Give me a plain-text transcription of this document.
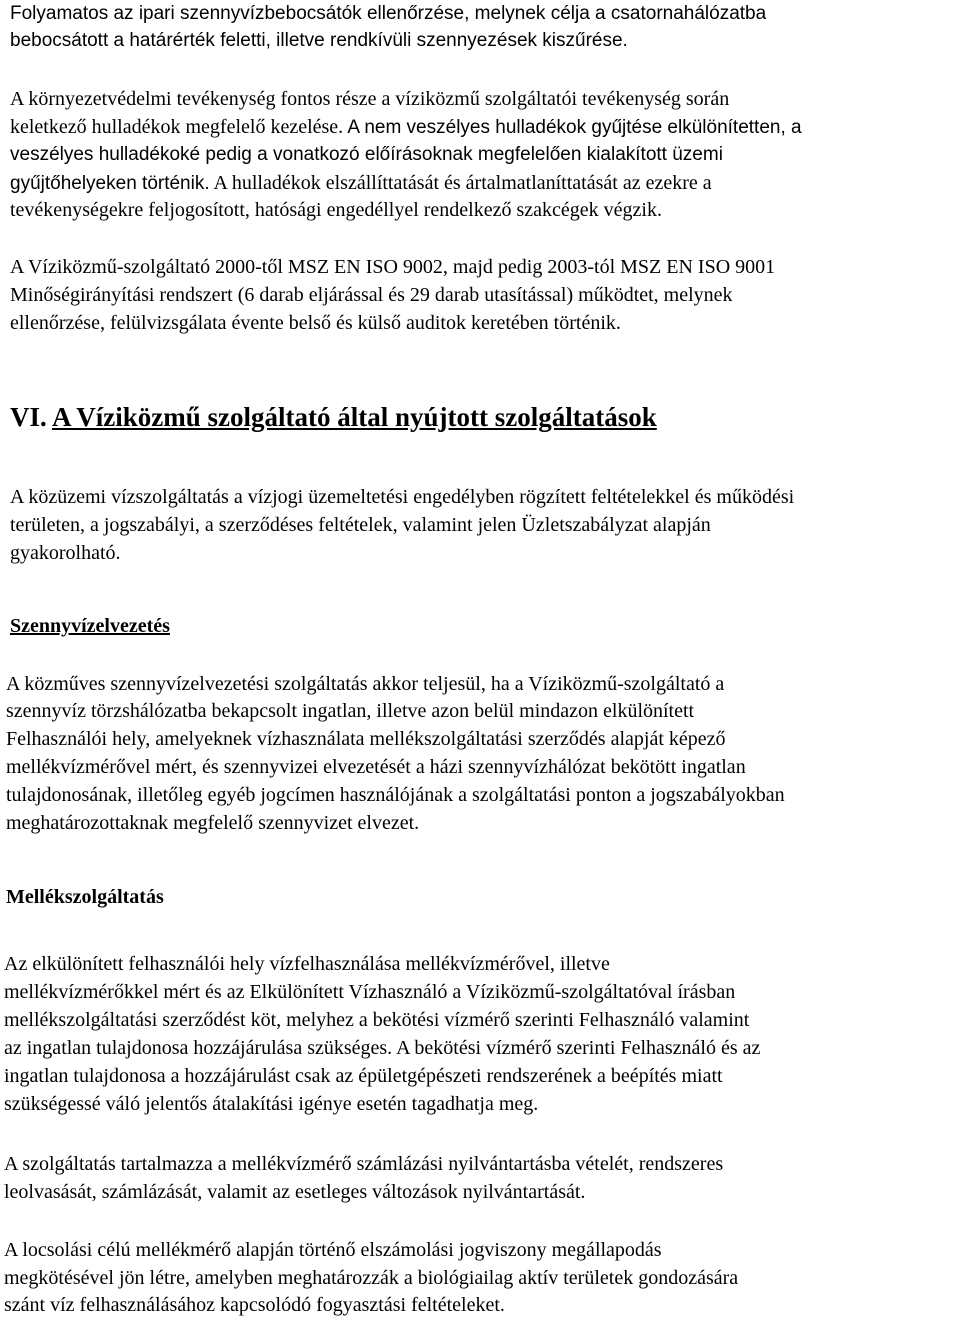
Folyamatos az ipari szennyvízbebocsátók ellenőrzése, melynek célja a csatornahálózatba
bebocsátott a határérték feletti, illetve rendkívüli szennyezések kiszűrése.
A környezetvédelmi tevékenység fontos része a víziközmű szolgáltatói tevékenység során
keletkező hulladékok megfelelő kezelése. A nem veszélyes hulladékok gyűjtése elkülönítetten, a
veszélyes hulladékoké pedig a vonatkozó előírásoknak megfelelően kialakított üzemi
gyűjtőhelyeken történik. A hulladékok elszállíttatását és ártalmatlaníttatását az ezekre a
tevékenységekre feljogosított, hatósági engedéllyel rendelkező szakcégek végzik.
A Víziközmű-szolgáltató 2000-től MSZ EN ISO 9002, majd pedig 2003-tól MSZ EN ISO 9001
Minőségirányítási rendszert (6 darab eljárással és 29 darab utasítással) működtet, melynek
ellenőrzése, felülvizsgálata évente belső és külső auditok keretében történik.
VI. A Víziközmű szolgáltató által nyújtott szolgáltatások
A közüzemi vízszolgáltatás a vízjogi üzemeltetési engedélyben rögzített feltételekkel és működési
területen, a jogszabályi, a szerződéses feltételek, valamint jelen Üzletszabályzat alapján
gyakorolható.
Szennyvízelvezetés
A közműves szennyvízelvezetési szolgáltatás akkor teljesül, ha a Víziközmű-szolgáltató a
szennyvíz törzshálózatba bekapcsolt ingatlan, illetve azon belül mindazon elkülönített
Felhasználói hely, amelyeknek vízhasználata mellékszolgáltatási szerződés alapját képező
mellékvízmérővel mért, és szennyvizei elvezetését a házi szennyvízhálózat bekötött ingatlan
tulajdonosának, illetőleg egyéb jogcímen használójának a szolgáltatási ponton a jogszabályokban
meghatározottaknak megfelelő szennyvizet elvezet.
Mellékszolgáltatás
Az elkülönített felhasználói hely vízfelhasználása mellékvízmérővel, illetve
mellékvízmérőkkel mért és az Elkülönített Vízhasználó a Víziközmű-szolgáltatóval írásban
mellékszolgáltatási szerződést köt, melyhez a bekötési vízmérő szerinti Felhasználó valamint
az ingatlan tulajdonosa hozzájárulása szükséges. A bekötési vízmérő szerinti Felhasználó és az
ingatlan tulajdonosa a hozzájárulást csak az épületgépészeti rendszerének a beépítés miatt
szükségessé váló jelentős átalakítási igénye esetén tagadhatja meg.
A szolgáltatás tartalmazza a mellékvízmérő számlázási nyilvántartásba vételét, rendszeres
leolvasását, számlázását, valamit az esetleges változások nyilvántartását.
A locsolási célú mellékmérő alapján történő elszámolási jogviszony megállapodás
megkötésével jön létre, amelyben meghatározzák a biológiailag aktív területek gondozására
szánt víz felhasználásához kapcsolódó fogyasztási feltételeket.
